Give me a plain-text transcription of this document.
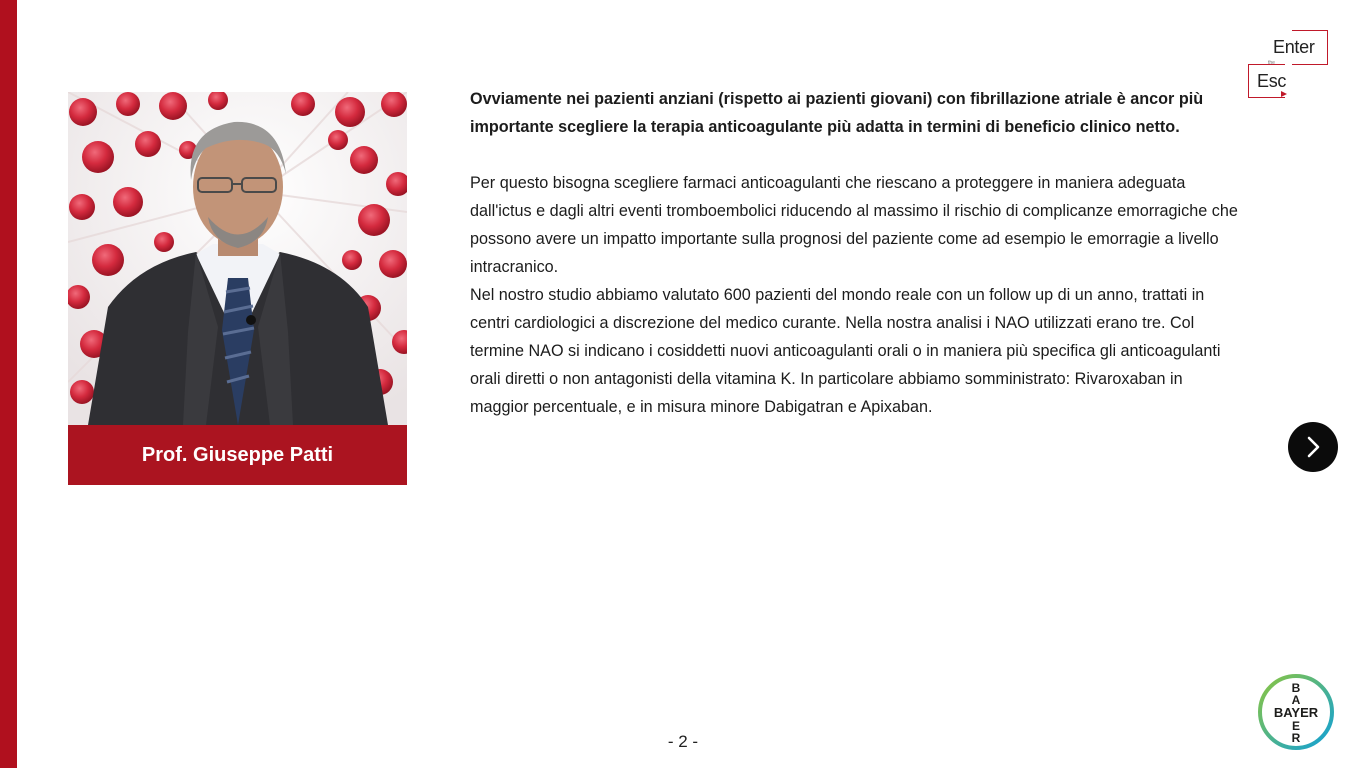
Enter
the
Esc
Prof. Giuseppe Patti

Ovviamente nei pazienti anziani (rispetto ai pazienti giovani) con fibrillazione atriale è ancor più importante scegliere la terapia anticoagulante più adatta in termini di beneficio clinico netto.

Per questo bisogna scegliere farmaci anticoagulanti che riescano a proteggere in maniera adeguata dall'ictus e dagli altri eventi tromboembolici riducendo al massimo il rischio di complicanze emorragiche che possono avere un impatto importante sulla prognosi del paziente come ad esempio le emorragie a livello intracranico.

Nel nostro studio abbiamo valutato 600 pazienti del mondo reale con un follow up di un anno, trattati in centri cardiologici a discrezione del medico curante. Nella nostra analisi i NAO utilizzati erano tre. Col termine NAO si indicano i cosiddetti nuovi anticoagulanti orali o in maniera più specifica gli anticoagulanti orali diretti o non antagonisti della vitamina K. In particolare abbiamo somministrato: Rivaroxaban in maggior percentuale, e in misura minore Dabigatran e Apixaban.

- 2 -
B
A
BAYER
E
R
